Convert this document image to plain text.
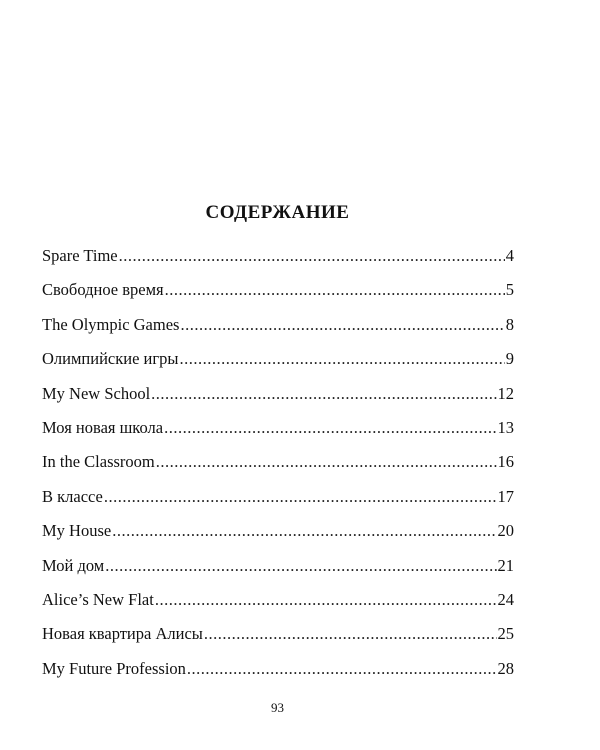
СОДЕРЖАНИЕ
Spare Time .....	4
Свободное время .....	5
The Olympic Games .....	8
Олимпийские игры .....	9
My New School .....	12
Моя новая школа .....	13
In the Classroom .....	16
В классе .....	17
My House .....	20
Мой дом .....	21
Alice’s New Flat .....	24
Новая квартира Алисы .....	25
My Future Profession .....	28
93
